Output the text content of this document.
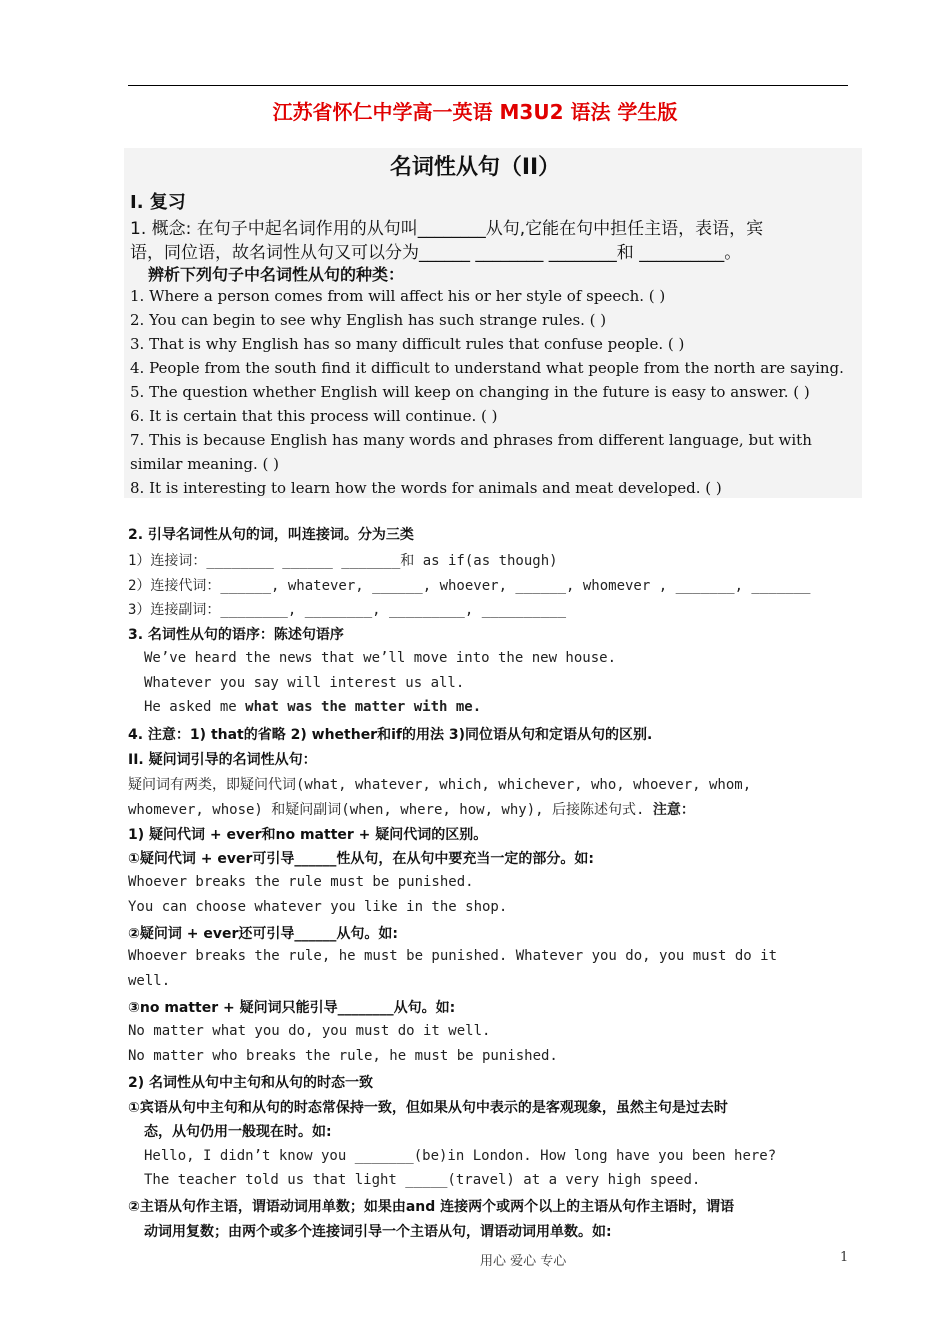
江苏省怀仁中学高一英语 M3U2 语法 学生版
名词性从句（II）
I. 复习
1. 概念: 在句子中起名词作用的从句叫________从句,它能在句中担任主语，表语，宾
语，同位语，故名词性从句又可以分为______ ________ ________和 __________。
辨析下列句子中名词性从句的种类：
1. Where a person comes from will affect his or her style of speech. ( )
2. You can begin to see why English has such strange rules. ( )
3. That is why English has so many difficult rules that confuse people. ( )
4. People from the south find it difficult to understand what people from the north are saying.
5. The question whether English will keep on changing in the future is easy to answer. ( )
6. It is certain that this process will continue. ( )
7. This is because English has many words and phrases from different language, but with
similar meaning. ( )
8. It is interesting to learn how the words for animals and meat developed. ( )
2. 引导名词性从句的词，叫连接词。分为三类
1）连接词：________ ______ _______和 as if(as though)
2）连接代词：______, whatever, ______, whoever, ______, whomever , _______, _______
3）连接副词：________, ________, _________, __________
3. 名词性从句的语序：陈述句语序
We’ve heard the news that we’ll move into the new house.
Whatever you say will interest us all.
He asked me what was the matter with me.
4. 注意：1) that的省略 2) whether和if的用法 3)同位语从句和定语从句的区别.
II. 疑问词引导的名词性从句：
疑问词有两类，即疑问代词(what, whatever, which, whichever, who, whoever, whom,
whomever, whose) 和疑问副词(when, where, how, why), 后接陈述句式. 注意：
1) 疑问代词 + ever和no matter + 疑问代词的区别。
①疑问代词 + ever可引导______性从句，在从句中要充当一定的部分。如:
Whoever breaks the rule must be punished.
You can choose whatever you like in the shop.
②疑问词 + ever还可引导______从句。如:
Whoever breaks the rule, he must be punished. Whatever you do, you must do it
well.
③no matter + 疑问词只能引导________从句。如:
No matter what you do, you must do it well.
No matter who breaks the rule, he must be punished.
2) 名词性从句中主句和从句的时态一致
①宾语从句中主句和从句的时态常保持一致，但如果从句中表示的是客观现象，虽然主句是过去时
态，从句仍用一般现在时。如:
Hello, I didn’t know you _______(be)in London. How long have you been here?
The teacher told us that light _____(travel) at a very high speed.
②主语从句作主语，谓语动词用单数；如果由and 连接两个或两个以上的主语从句作主语时，谓语
动词用复数；由两个或多个连接词引导一个主语从句，谓语动词用单数。如:
用心 爱心 专心	1
